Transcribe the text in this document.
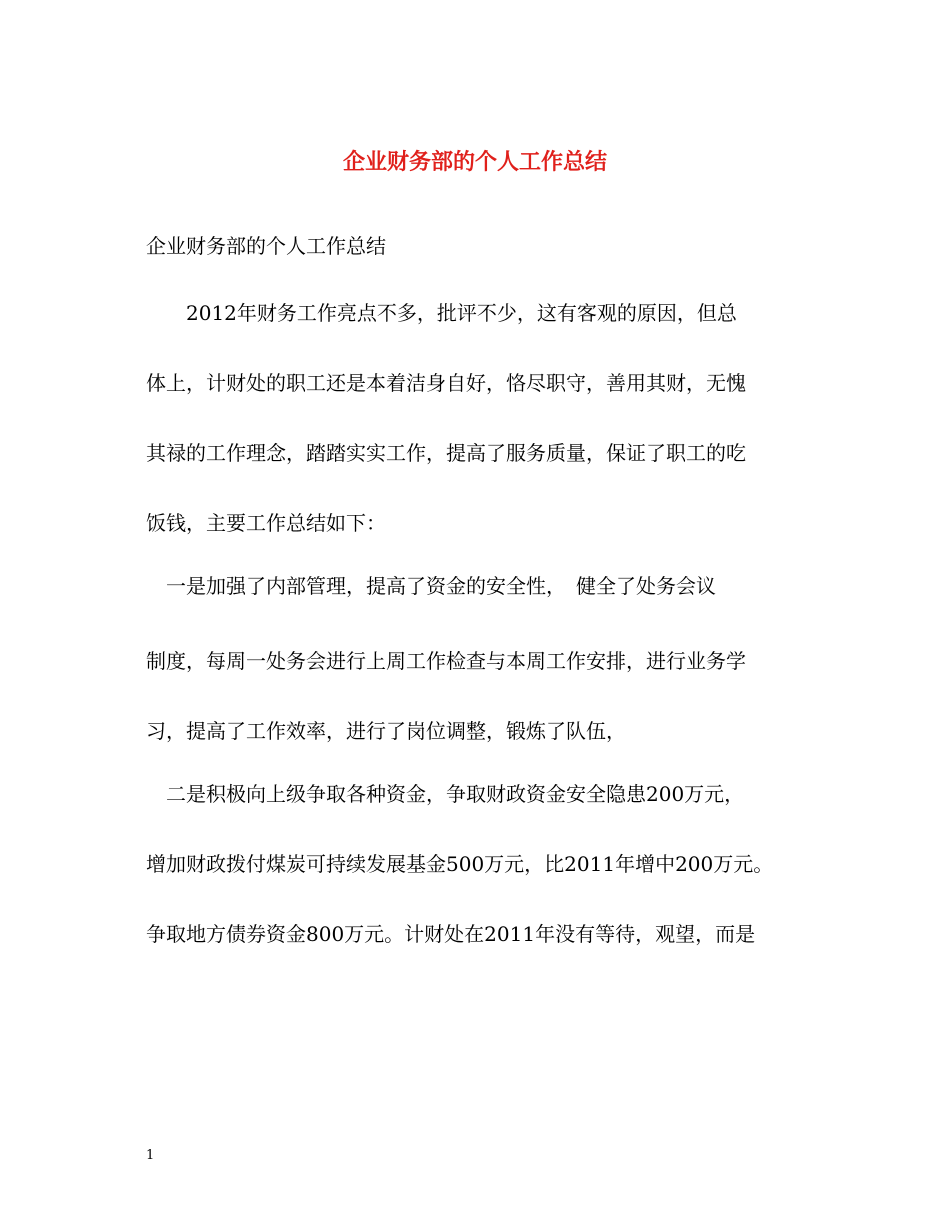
企业财务部的个人工作总结
企业财务部的个人工作总结
　　2012年财务工作亮点不多，批评不少，这有客观的原因，但总
体上，计财处的职工还是本着洁身自好，恪尽职守，善用其财，无愧
其禄的工作理念，踏踏实实工作，提高了服务质量，保证了职工的吃
饭钱，主要工作总结如下：
　一是加强了内部管理，提高了资金的安全性，　健全了处务会议
制度，每周一处务会进行上周工作检查与本周工作安排，进行业务学
习，提高了工作效率，进行了岗位调整，锻炼了队伍，
　二是积极向上级争取各种资金，争取财政资金安全隐患200万元，
增加财政拨付煤炭可持续发展基金500万元，比2011年增中200万元。
争取地方债券资金800万元。计财处在2011年没有等待，观望，而是
1
